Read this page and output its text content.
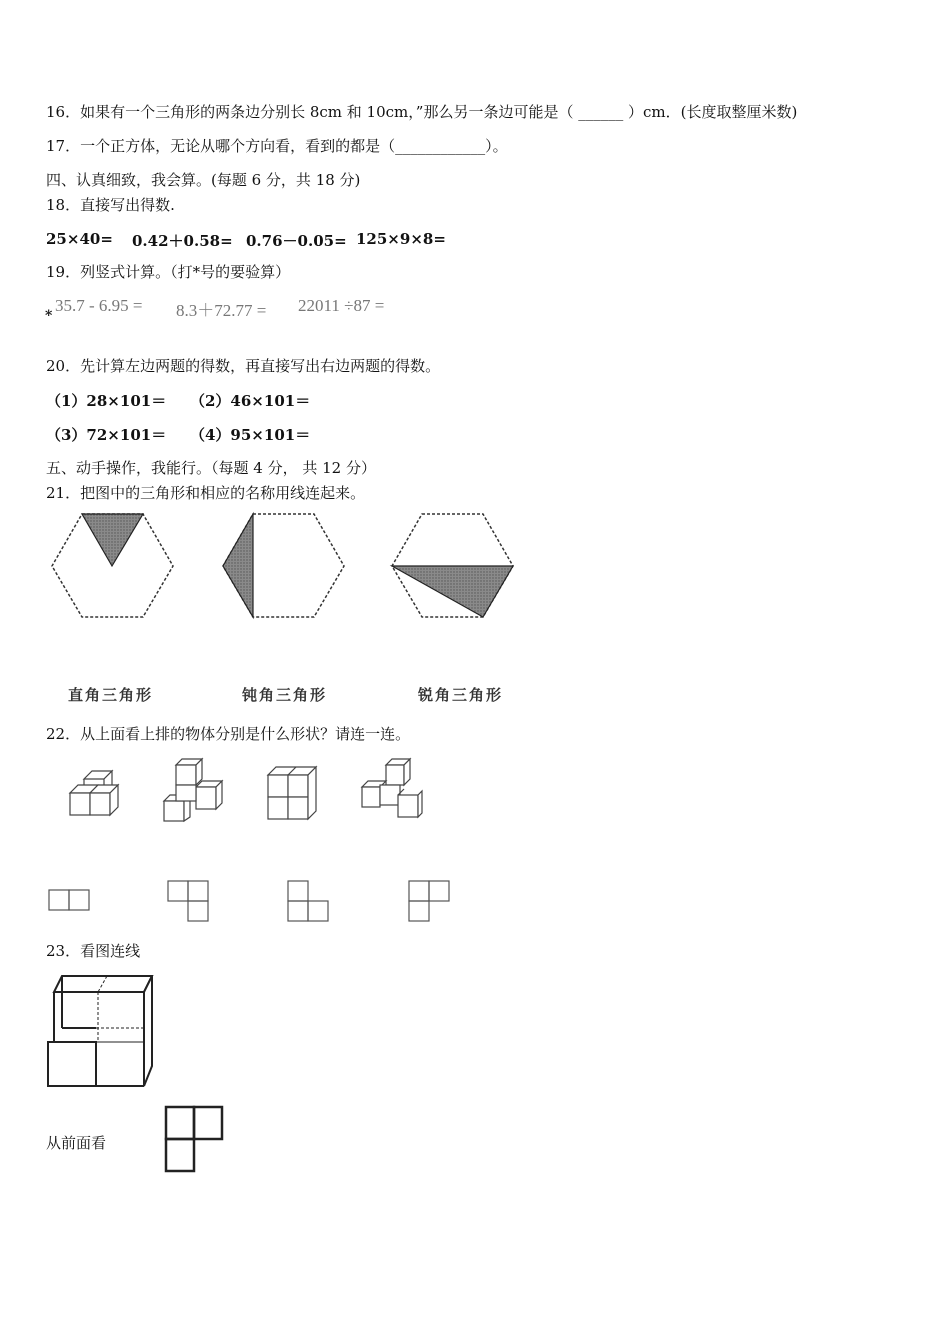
16．如果有一个三角形的两条边分别长 8cm 和 10cm，”那么另一条边可能是（ ______ ）cm．(长度取整厘米数)
17．一个正方体，无论从哪个方向看，看到的都是（____________）。
四、认真细致，我会算。(每题 6 分，共 18 分)
18．直接写出得数.
25×40= 0.42＋0.58= 0.76－0.05= 125×9×8=
19．列竖式计算。（打*号的要验算）
*
35.7 - 6.95 = 8.3＋72.77 = 22011 ÷87 =
20．先计算左边两题的得数，再直接写出右边两题的得数。
（1）28×101＝ （2）46×101＝
（3）72×101＝ （4）95×101＝
五、动手操作，我能行。（每题 4 分， 共 12 分）
21．把图中的三角形和相应的名称用线连起来。
直角三角形	钝角三角形	锐角三角形
22．从上面看上排的物体分别是什么形状？请连一连。
23．看图连线
从前面看
